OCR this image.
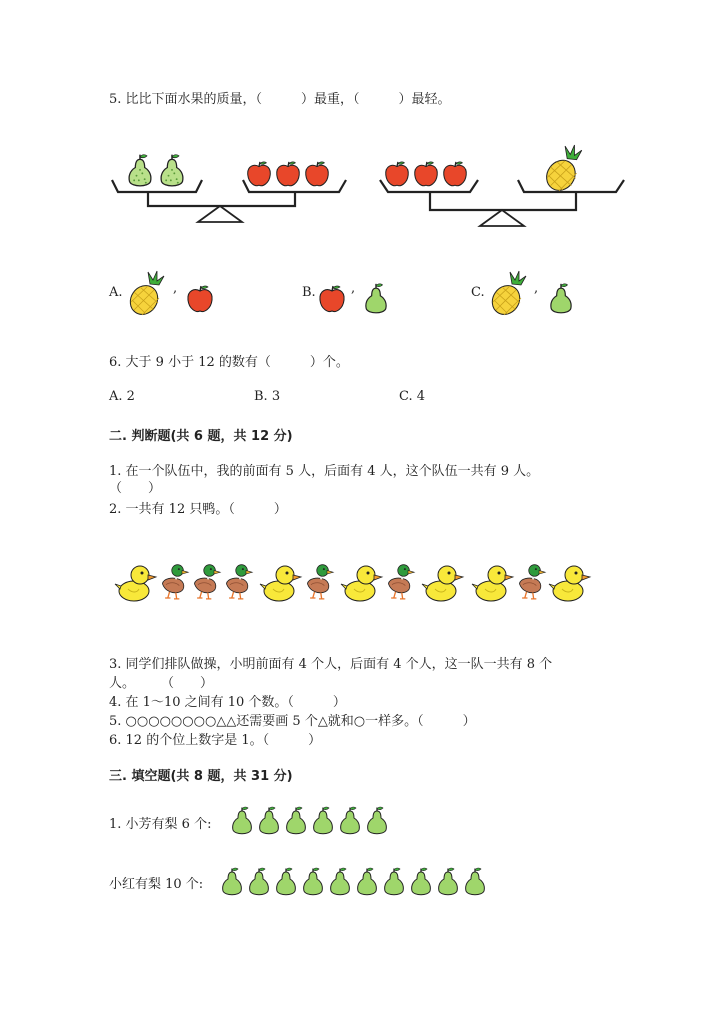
5. 比比下面水果的质量，（　　　）最重，（　　　）最轻。
A.	,	B.	,	C.	,
6. 大于 9 小于 12 的数有（　　　）个。
A. 2	B. 3	C. 4
二. 判断题(共 6 题，共 12 分)
1. 在一个队伍中，我的前面有 5 人，后面有 4 人，这个队伍一共有 9 人。
（　　）
2. 一共有 12 只鸭。（　　　）
3. 同学们排队做操，小明前面有 4 个人，后面有 4 个人，这一队一共有 8 个
人。　　　（　　）
4. 在 1～10 之间有 10 个数。（　　　）
5. ○○○○○○○○△△还需要画 5 个△就和○一样多。（　　　）
6. 12 的个位上数字是 1。（　　　）
三. 填空题(共 8 题，共 31 分)
1. 小芳有梨 6 个:
小红有梨 10 个:
